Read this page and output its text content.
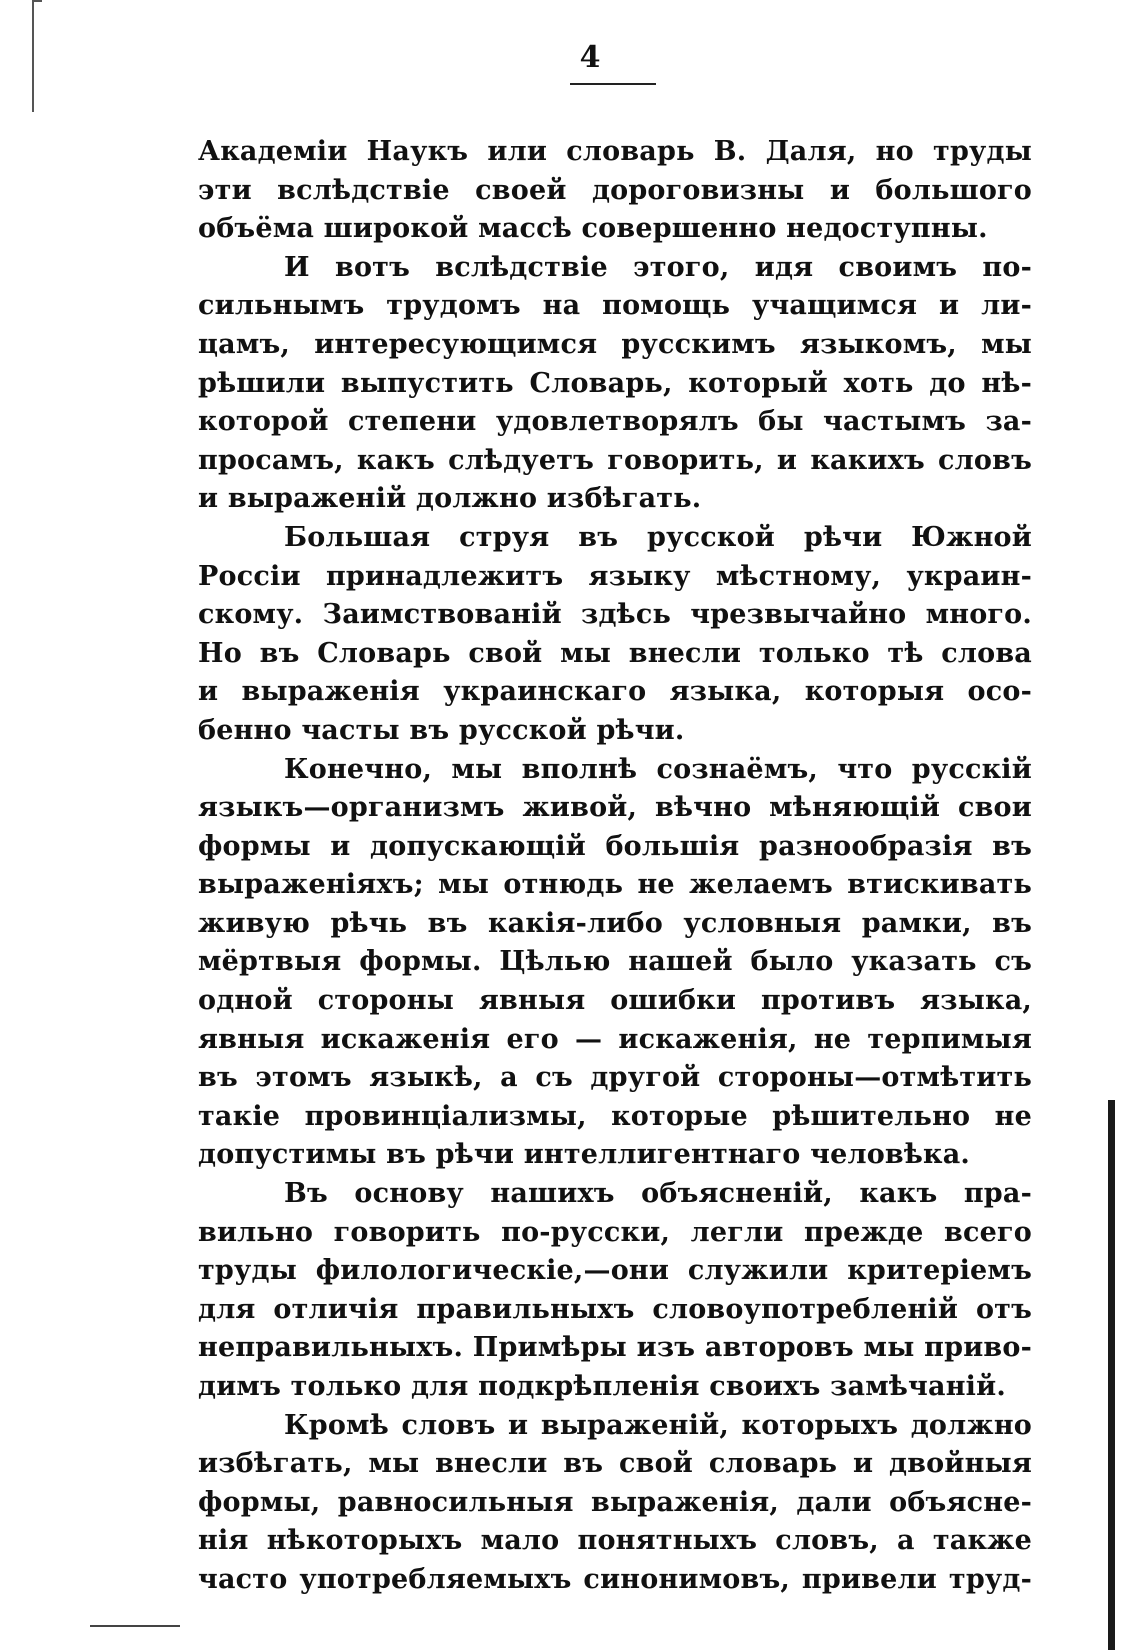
4
Академіи Наукъ или словарь В. Даля, но труды
эти вслѣдствіе своей дороговизны и большого
объёма широкой массѣ совершенно недоступны.
И вотъ вслѣдствіе этого, идя своимъ по-
сильнымъ трудомъ на помощь учащимся и ли-
цамъ, интересующимся русскимъ языкомъ, мы
рѣшили выпустить Словарь, который хоть до нѣ-
которой степени удовлетворялъ бы частымъ за-
просамъ, какъ слѣдуетъ говорить, и какихъ словъ
и выраженій должно избѣгать.
Большая струя въ русской рѣчи Южной
Россіи принадлежитъ языку мѣстному, украин-
скому. Заимствованій здѣсь чрезвычайно много.
Но въ Словарь свой мы внесли только тѣ слова
и выраженія украинскаго языка, которыя осо-
бенно часты въ русской рѣчи.
Конечно, мы вполнѣ сознаёмъ, что русскій
языкъ—организмъ живой, вѣчно мѣняющій свои
формы и допускающій большія разнообразія въ
выраженіяхъ; мы отнюдь не желаемъ втискивать
живую рѣчь въ какія-либо условныя рамки, въ
мёртвыя формы. Цѣлью нашей было указать съ
одной стороны явныя ошибки противъ языка,
явныя искаженія его — искаженія, не терпимыя
въ этомъ языкѣ, а съ другой стороны—отмѣтить
такіе провинціализмы, которые рѣшительно не
допустимы въ рѣчи интеллигентнаго человѣка.
Въ основу нашихъ объясненій, какъ пра-
вильно говорить по-русски, легли прежде всего
труды филологическіе,—они служили критеріемъ
для отличія правильныхъ словоупотребленій отъ
неправильныхъ. Примѣры изъ авторовъ мы приво-
димъ только для подкрѣпленія своихъ замѣчаній.
Кромѣ словъ и выраженій, которыхъ должно
избѣгать, мы внесли въ свой словарь и двойныя
формы, равносильныя выраженія, дали объясне-
нія нѣкоторыхъ мало понятныхъ словъ, а также
часто употребляемыхъ синонимовъ, привели труд-
